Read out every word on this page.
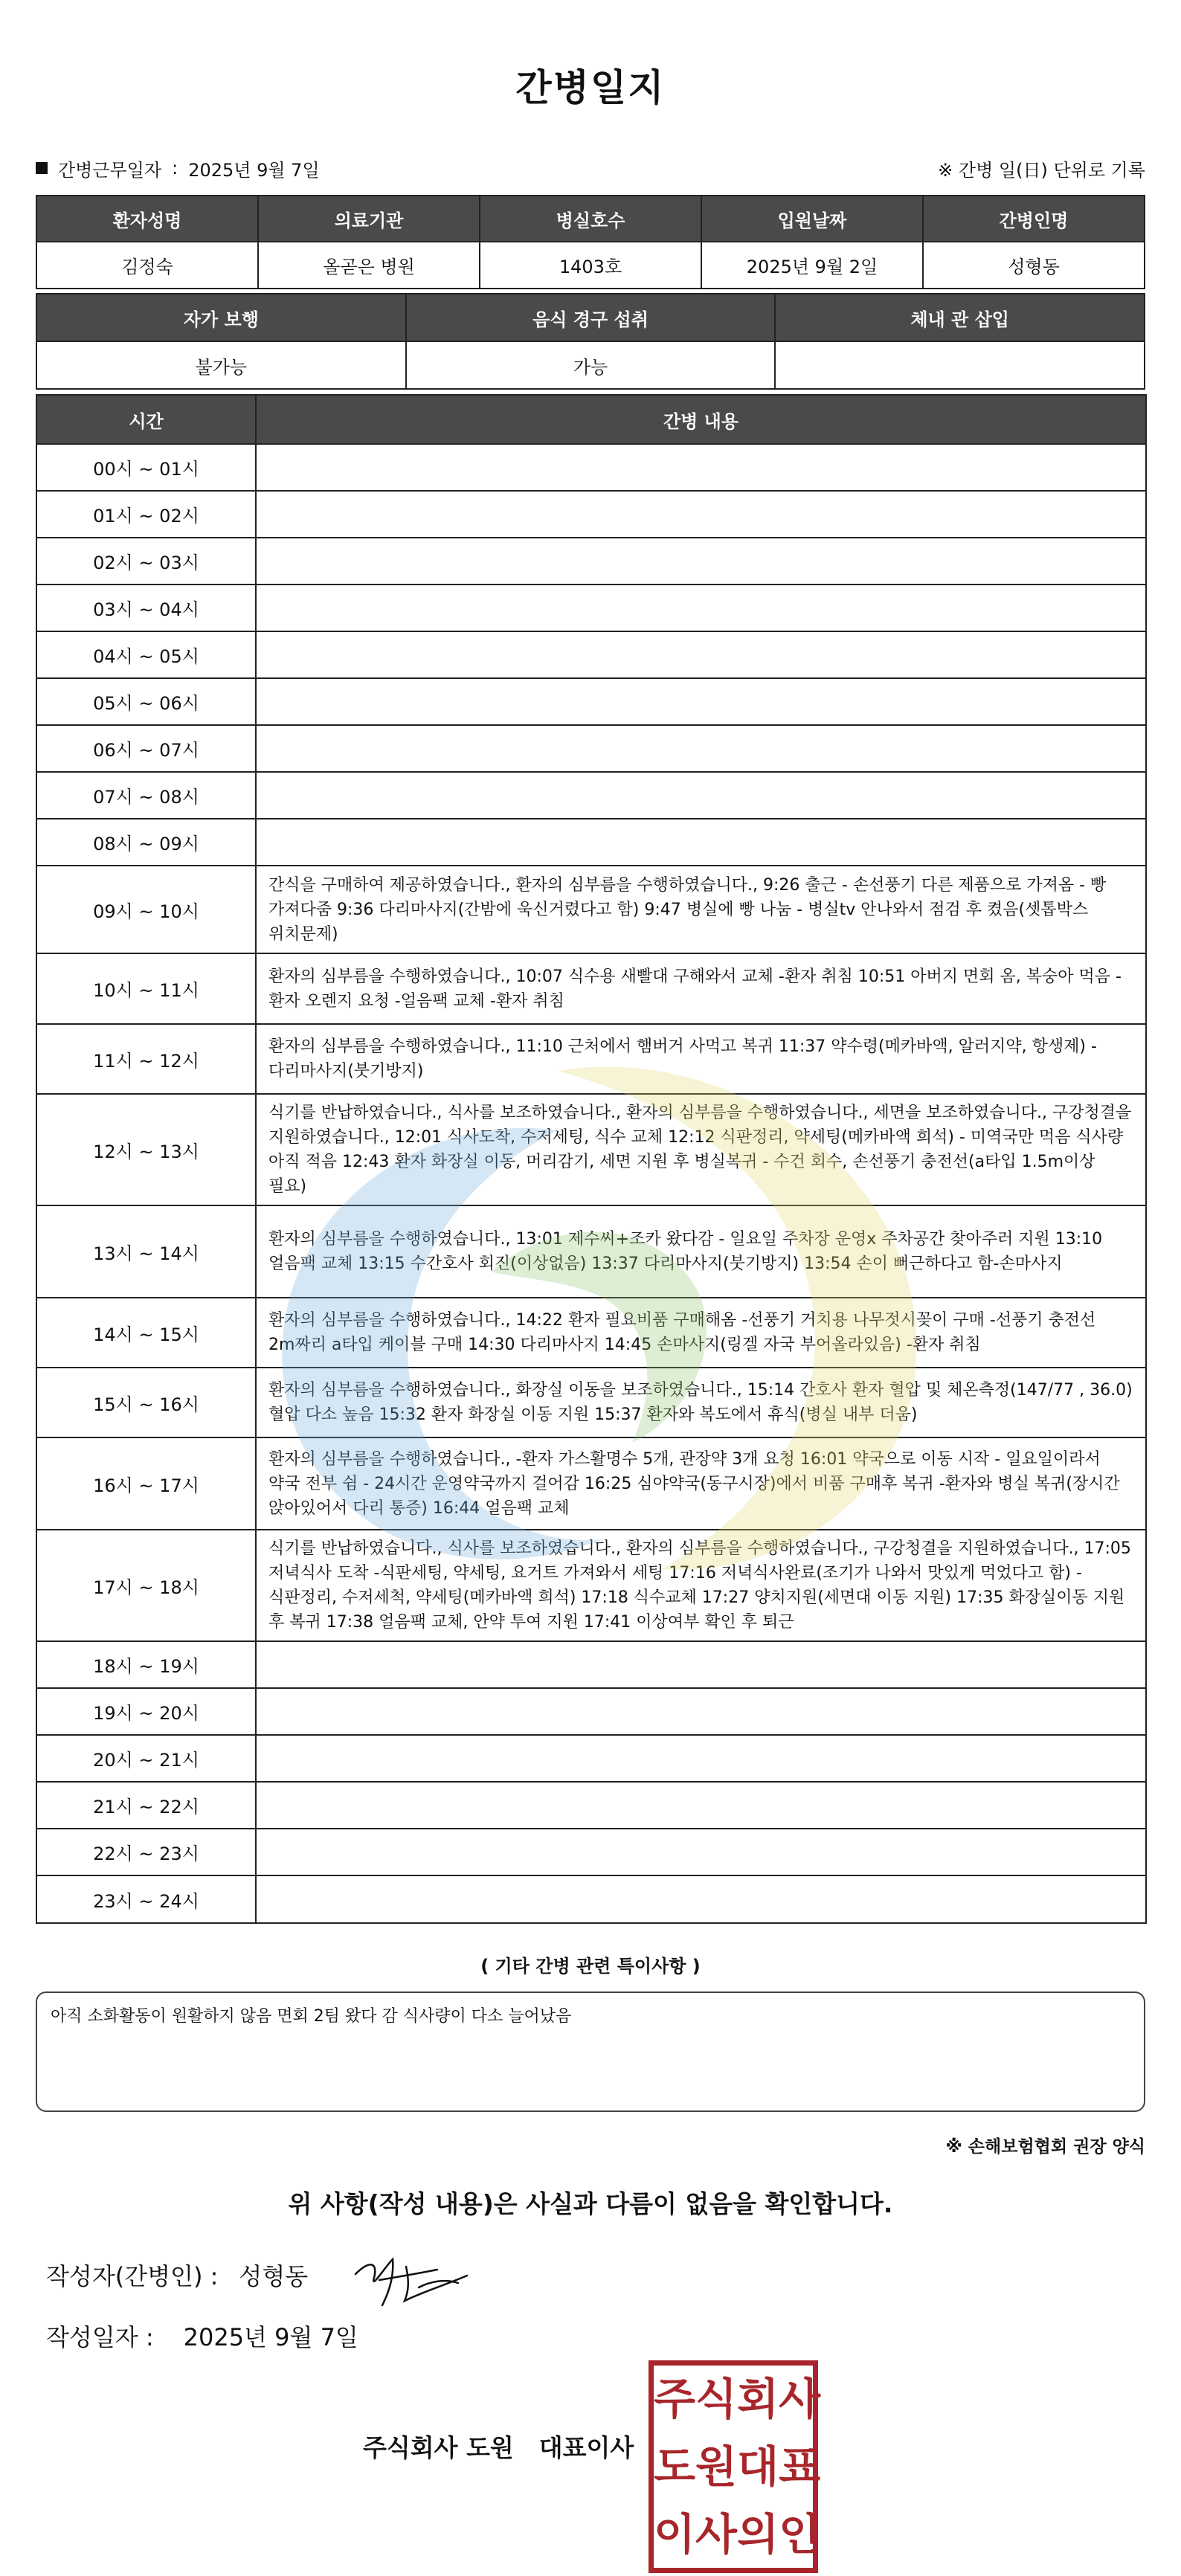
간병일지
간병근무일자 : 2025년 9월 7일	※ 간병 일(日) 단위로 기록
환자성명	의료기관	병실호수	입원날짜	간병인명
김정숙	올곧은 병원	1403호	2025년 9월 2일	성형동
자가 보행	음식 경구 섭취	체내 관 삽입
불가능	가능	
시간	간병 내용
00시 ~ 01시	
01시 ~ 02시	
02시 ~ 03시	
03시 ~ 04시	
04시 ~ 05시	
05시 ~ 06시	
06시 ~ 07시	
07시 ~ 08시	
08시 ~ 09시	
09시 ~ 10시	간식을 구매하여 제공하였습니다., 환자의 심부름을 수행하였습니다., 9:26 출근 - 손선풍기 다른 제품으로 가져옴 - 빵 가져다줌 9:36 다리마사지(간밤에 욱신거렸다고 함) 9:47 병실에 빵 나눔 - 병실tv 안나와서 점검 후 켰음(셋톱박스 위치문제)
10시 ~ 11시	환자의 심부름을 수행하였습니다., 10:07 식수용 새빨대 구해와서 교체 -환자 취침 10:51 아버지 면회 옴, 복숭아 먹음 -환자 오렌지 요청 -얼음팩 교체 -환자 취침
11시 ~ 12시	환자의 심부름을 수행하였습니다., 11:10 근처에서 햄버거 사먹고 복귀 11:37 약수령(메카바액, 알러지약, 항생제) - 다리마사지(붓기방지)
12시 ~ 13시	식기를 반납하였습니다., 식사를 보조하였습니다., 환자의 심부름을 수행하였습니다., 세면을 보조하였습니다., 구강청결을 지원하였습니다., 12:01 식사도착, 수저세팅, 식수 교체 12:12 식판정리, 약세팅(메카바액 희석) - 미역국만 먹음 식사량 아직 적음 12:43 환자 화장실 이동, 머리감기, 세면 지원 후 병실복귀 - 수건 회수, 손선풍기 충전선(a타입 1.5m이상 필요)
13시 ~ 14시	환자의 심부름을 수행하였습니다., 13:01 제수씨+조카 왔다감 - 일요일 주차장 운영x 주차공간 찾아주러 지원 13:10 얼음팩 교체 13:15 수간호사 회진(이상없음) 13:37 다리마사지(붓기방지) 13:54 손이 뻐근하다고 함-손마사지
14시 ~ 15시	환자의 심부름을 수행하였습니다., 14:22 환자 필요비품 구매해옴 -선풍기 거치용 나무젓시꽂이 구매 -선풍기 충전선 2m짜리 a타입 케이블 구매 14:30 다리마사지 14:45 손마사지(링겔 자국 부어올라있음) -환자 취침
15시 ~ 16시	환자의 심부름을 수행하였습니다., 화장실 이동을 보조하였습니다., 15:14 간호사 환자 혈압 및 체온측정(147/77 , 36.0) 혈압 다소 높음 15:32 환자 화장실 이동 지원 15:37 환자와 복도에서 휴식(병실 내부 더움)
16시 ~ 17시	환자의 심부름을 수행하였습니다., -환자 가스활명수 5개, 관장약 3개 요청 16:01 약국으로 이동 시작 - 일요일이라서 약국 전부 쉼 - 24시간 운영약국까지 걸어감 16:25 심야약국(동구시장)에서 비품 구매후 복귀 -환자와 병실 복귀(장시간 앉아있어서 다리 통증) 16:44 얼음팩 교체
17시 ~ 18시	식기를 반납하였습니다., 식사를 보조하였습니다., 환자의 심부름을 수행하였습니다., 구강청결을 지원하였습니다., 17:05 저녁식사 도착 -식판세팅, 약세팅, 요거트 가져와서 세팅 17:16 저녁식사완료(조기가 나와서 맛있게 먹었다고 함) - 식판정리, 수저세척, 약세팅(메카바액 희석) 17:18 식수교체 17:27 양치지원(세면대 이동 지원) 17:35 화장실이동 지원 후 복귀 17:38 얼음팩 교체, 안약 투여 지원 17:41 이상여부 확인 후 퇴근
18시 ~ 19시	
19시 ~ 20시	
20시 ~ 21시	
21시 ~ 22시	
22시 ~ 23시	
23시 ~ 24시	
( 기타 간병 관련 특이사항 )
아직 소화활동이 원활하지 않음 면회 2팀 왔다 감 식사량이 다소 늘어났음
※ 손해보험협회 권장 양식
위 사항(작성 내용)은 사실과 다름이 없음을 확인합니다.
작성자(간병인) : 성형동
작성일자 : 2025년 9월 7일
주식회사 도원 대표이사
주 식 회 사
도 원 대 표
이 사 의 인
